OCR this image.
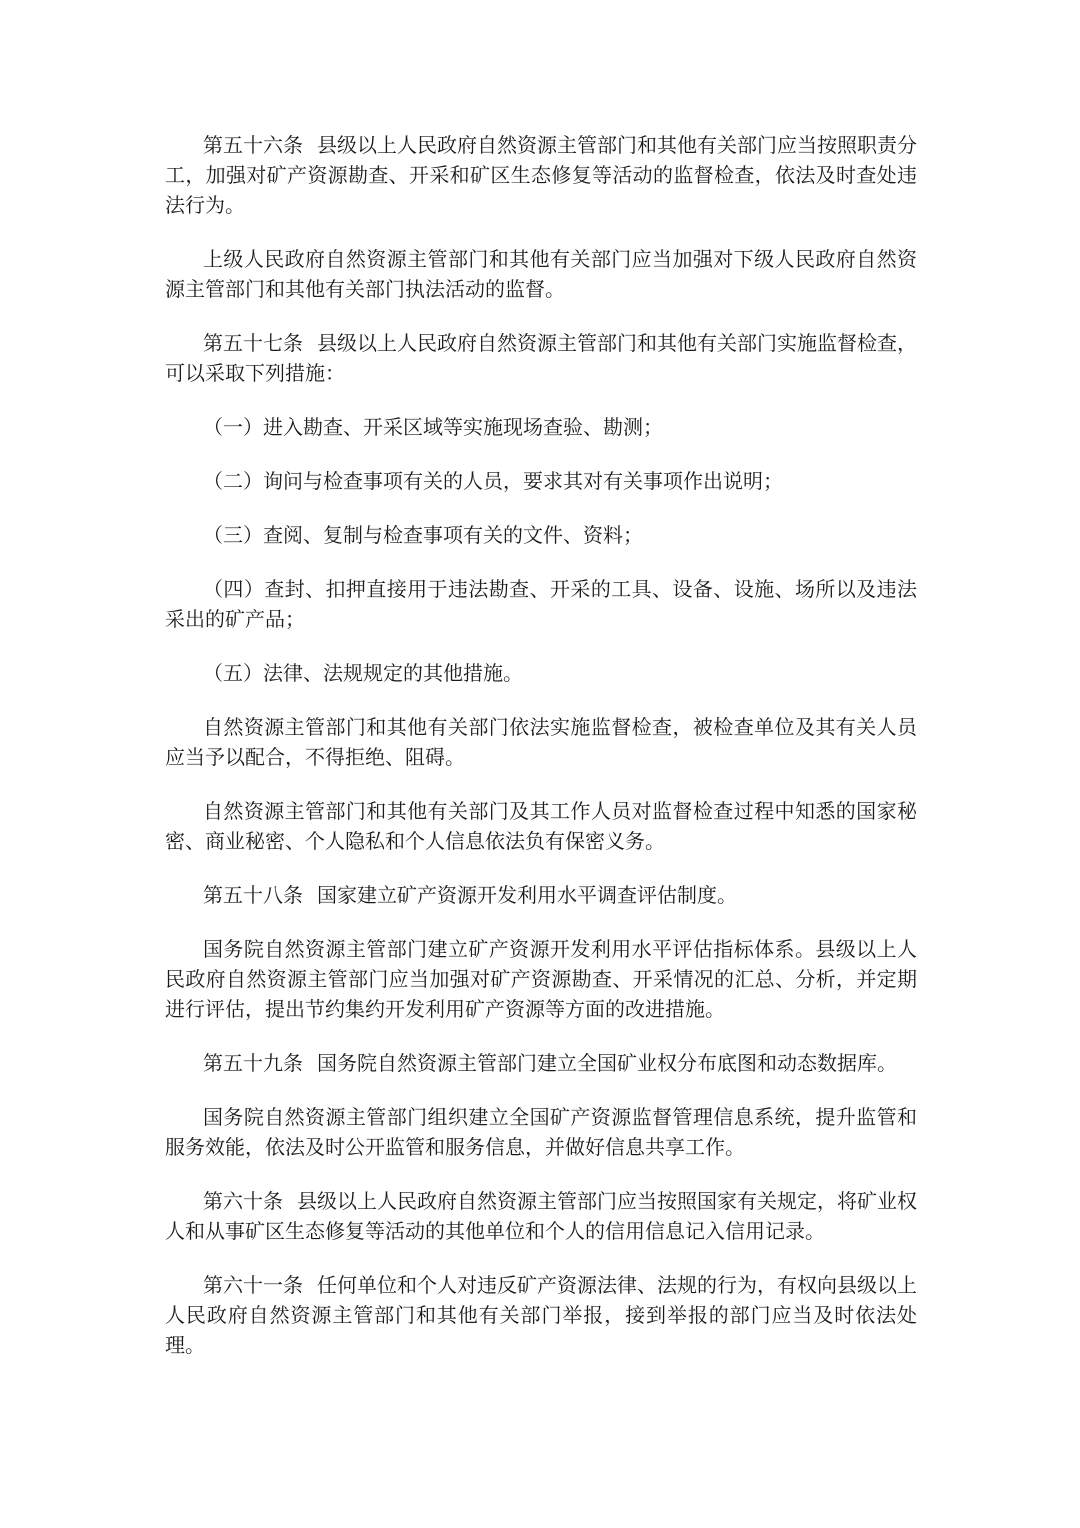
第五十六条 县级以上人民政府自然资源主管部门和其他有关部门应当按照职责分工，加强对矿产资源勘查、开采和矿区生态修复等活动的监督检查，依法及时查处违法行为。

上级人民政府自然资源主管部门和其他有关部门应当加强对下级人民政府自然资源主管部门和其他有关部门执法活动的监督。

第五十七条 县级以上人民政府自然资源主管部门和其他有关部门实施监督检查，可以采取下列措施：

（一）进入勘查、开采区域等实施现场查验、勘测；

（二）询问与检查事项有关的人员，要求其对有关事项作出说明；

（三）查阅、复制与检查事项有关的文件、资料；

（四）查封、扣押直接用于违法勘查、开采的工具、设备、设施、场所以及违法采出的矿产品；

（五）法律、法规规定的其他措施。

自然资源主管部门和其他有关部门依法实施监督检查，被检查单位及其有关人员应当予以配合，不得拒绝、阻碍。

自然资源主管部门和其他有关部门及其工作人员对监督检查过程中知悉的国家秘密、商业秘密、个人隐私和个人信息依法负有保密义务。

第五十八条 国家建立矿产资源开发利用水平调查评估制度。

国务院自然资源主管部门建立矿产资源开发利用水平评估指标体系。县级以上人民政府自然资源主管部门应当加强对矿产资源勘查、开采情况的汇总、分析，并定期进行评估，提出节约集约开发利用矿产资源等方面的改进措施。

第五十九条 国务院自然资源主管部门建立全国矿业权分布底图和动态数据库。

国务院自然资源主管部门组织建立全国矿产资源监督管理信息系统，提升监管和服务效能，依法及时公开监管和服务信息，并做好信息共享工作。

第六十条 县级以上人民政府自然资源主管部门应当按照国家有关规定，将矿业权人和从事矿区生态修复等活动的其他单位和个人的信用信息记入信用记录。

第六十一条 任何单位和个人对违反矿产资源法律、法规的行为，有权向县级以上人民政府自然资源主管部门和其他有关部门举报，接到举报的部门应当及时依法处理。
